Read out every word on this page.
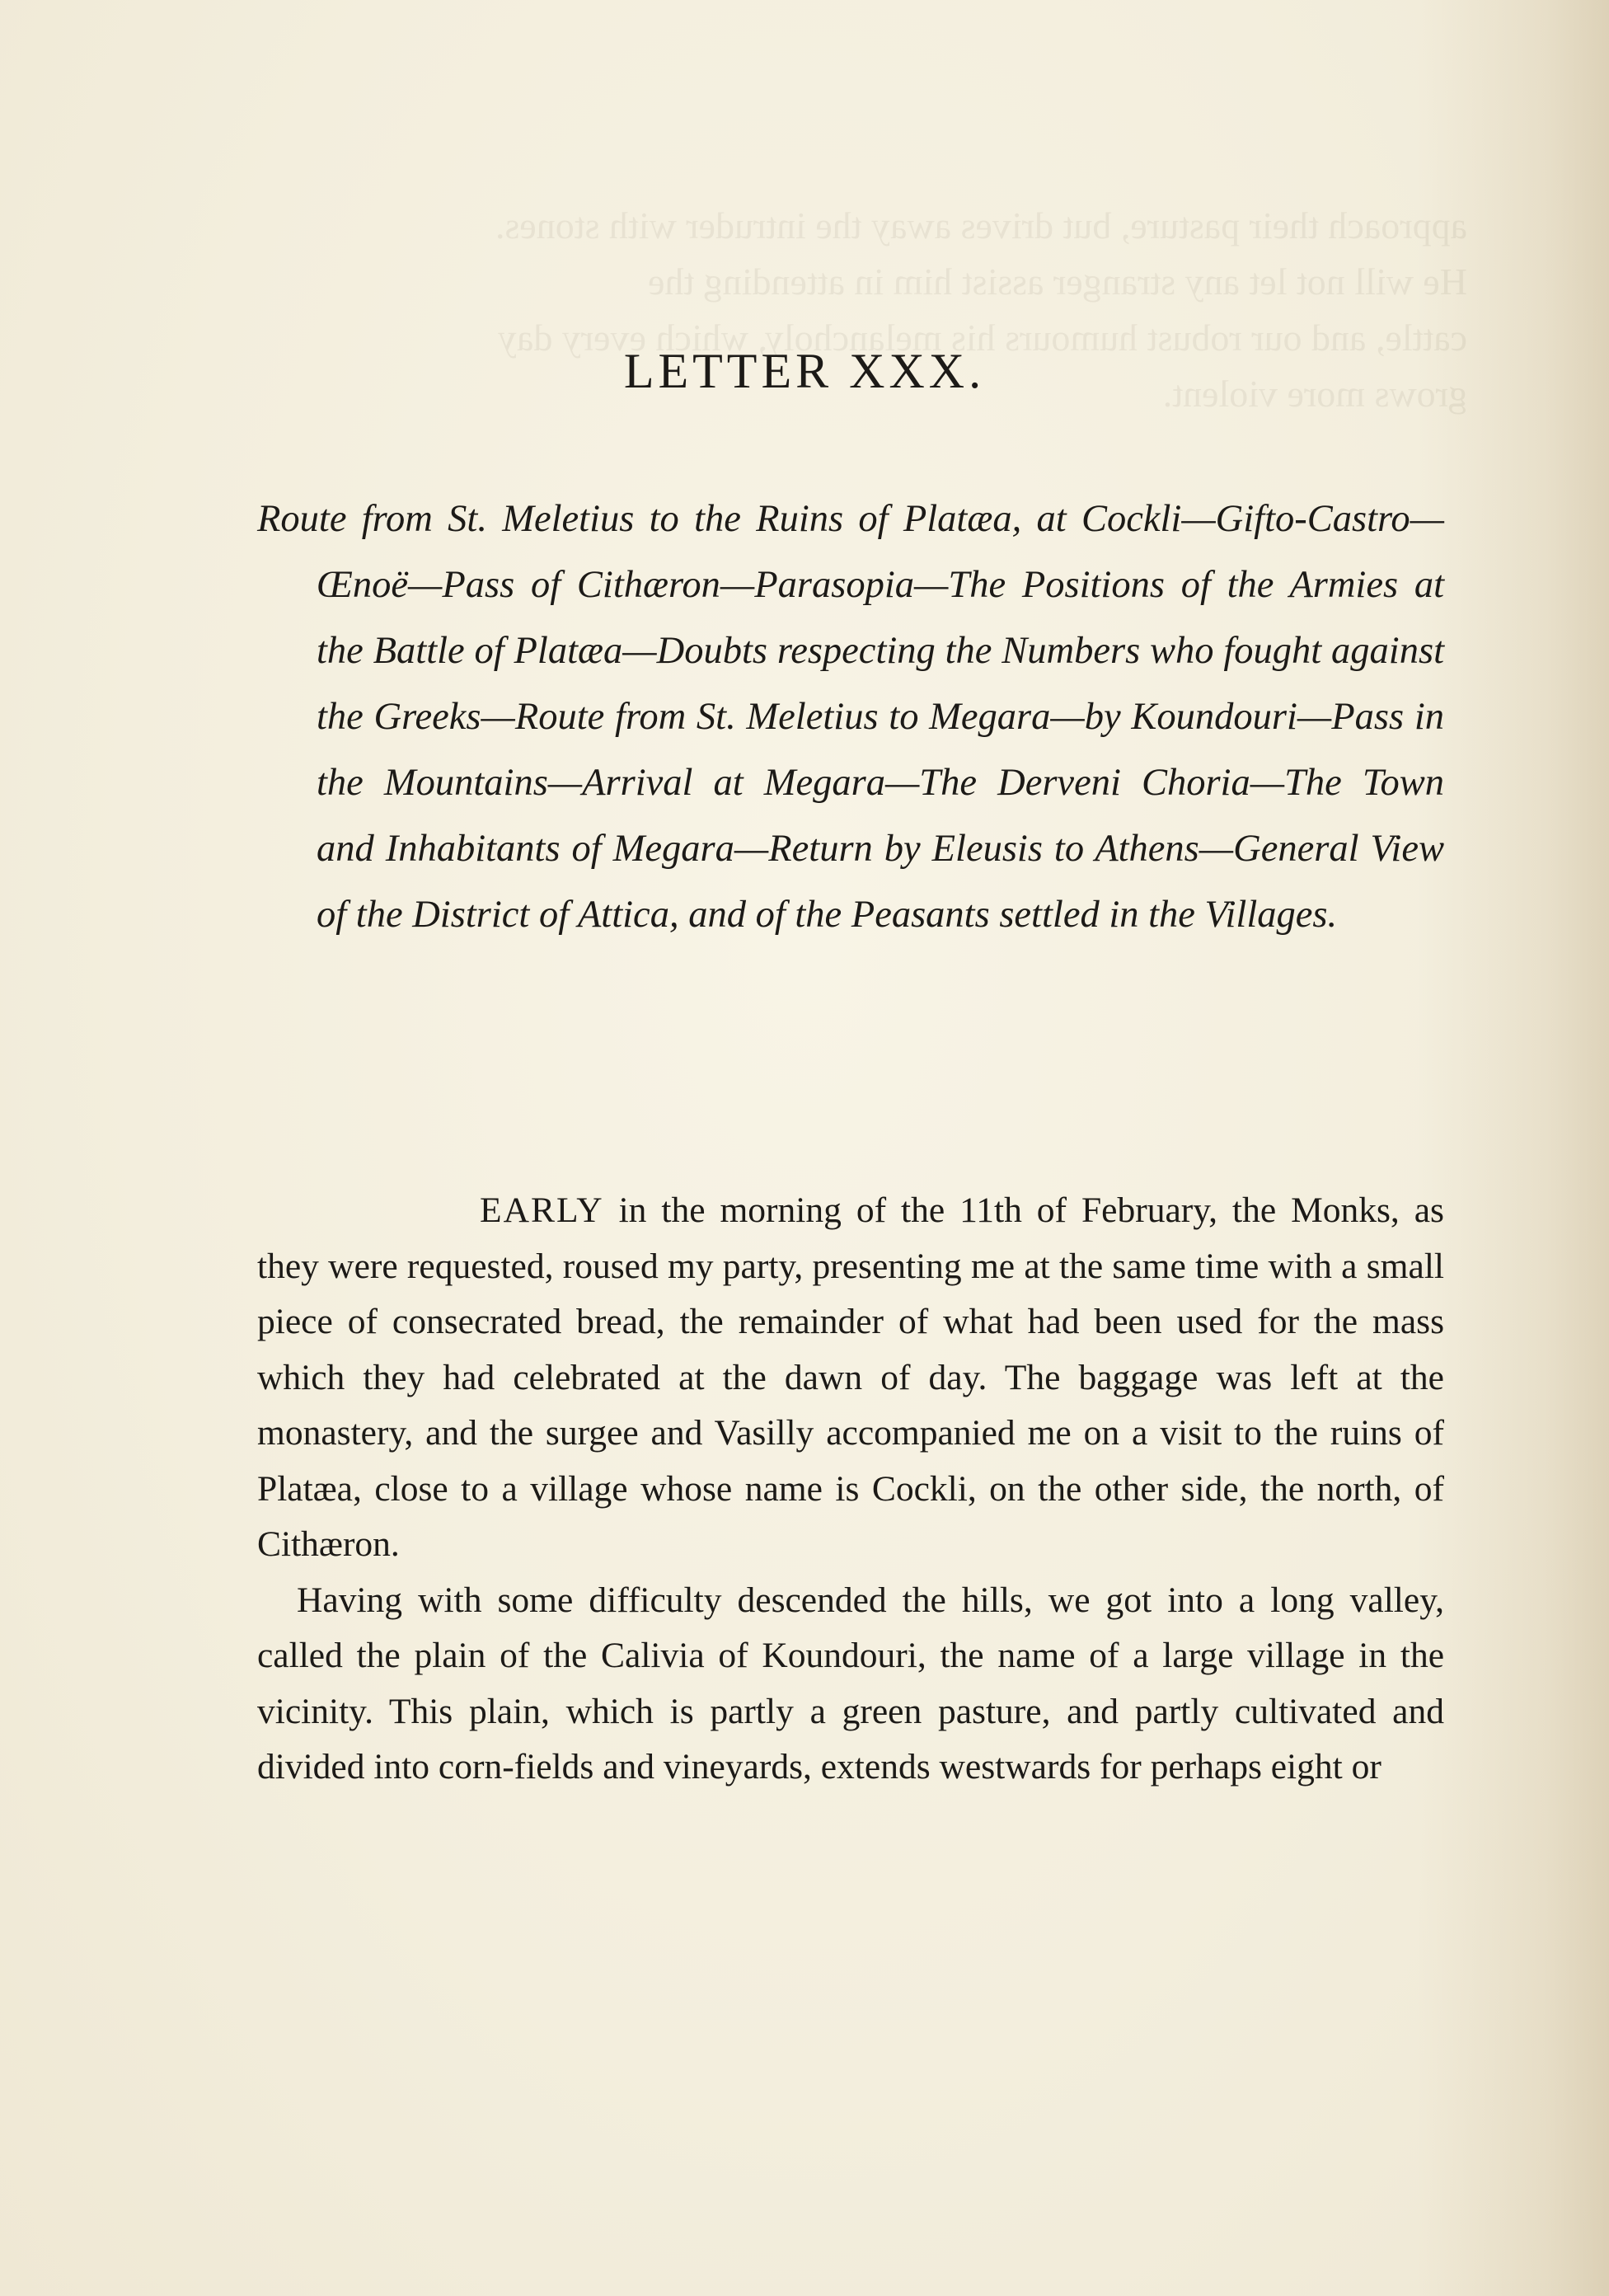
approach their pasture, but drives away the intruder with stones.
He will not let any stranger assist him in attending the
cattle, and our robust humours his melancholy, which every day
grows more violent.
LETTER XXX.

Route from St. Meletius to the Ruins of Platæa, at Cockli—Gifto-Castro—Œnoë—Pass of Cithæron—Parasopia—The Positions of the Armies at the Battle of Platæa—Doubts respecting the Numbers who fought against the Greeks—Route from St. Meletius to Megara—by Koundouri—Pass in the Mountains—Arrival at Megara—The Derveni Choria—The Town and Inhabitants of Megara—Return by Eleusis to Athens—General View of the District of Attica, and of the Peasants settled in the Villages.

EARLY in the morning of the 11th of February, the Monks, as they were requested, roused my party, presenting me at the same time with a small piece of consecrated bread, the remainder of what had been used for the mass which they had celebrated at the dawn of day. The baggage was left at the monastery, and the surgee and Vasilly accompanied me on a visit to the ruins of Platæa, close to a village whose name is Cockli, on the other side, the north, of Cithæron.

Having with some difficulty descended the hills, we got into a long valley, called the plain of the Calivia of Koundouri, the name of a large village in the vicinity. This plain, which is partly a green pasture, and partly cultivated and divided into corn-fields and vineyards, extends westwards for perhaps eight or
